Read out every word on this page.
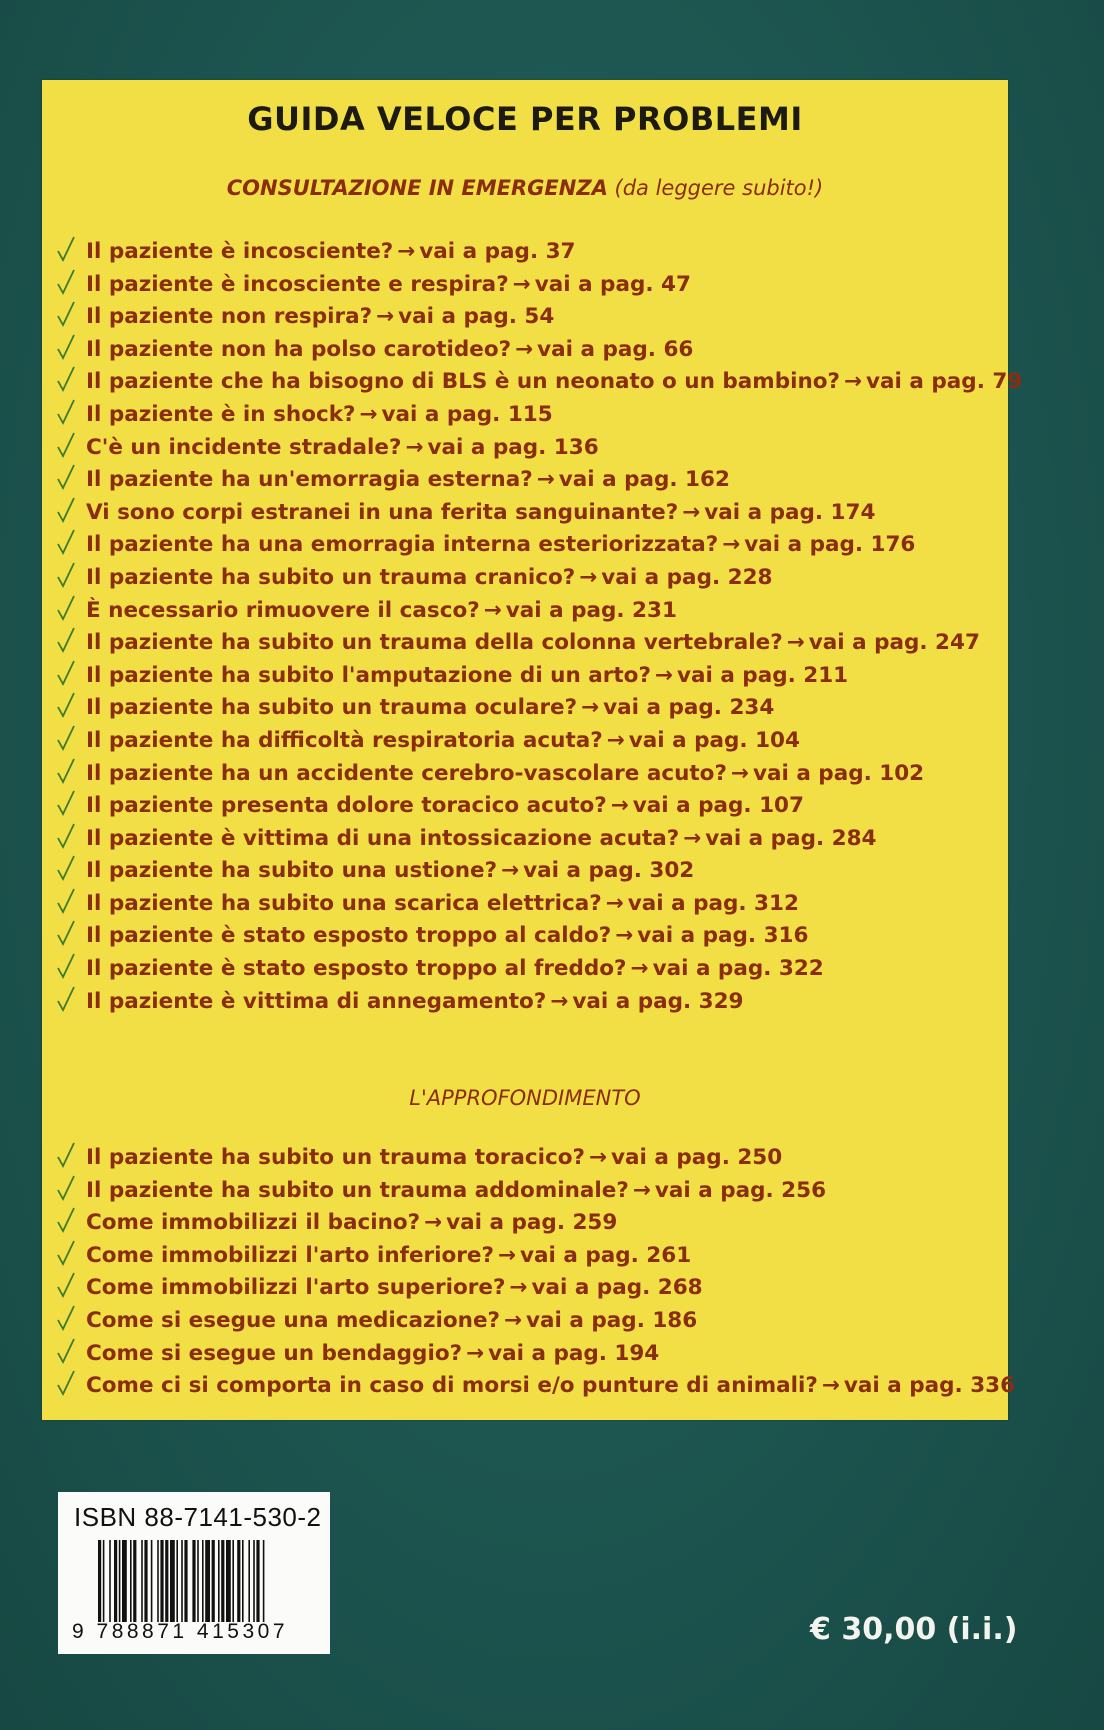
GUIDA VELOCE PER PROBLEMI
CONSULTAZIONE IN EMERGENZA (da leggere subito!)
Il paziente è incosciente? → vai a pag. 37
Il paziente è incosciente e respira? → vai a pag. 47
Il paziente non respira? → vai a pag. 54
Il paziente non ha polso carotideo? → vai a pag. 66
Il paziente che ha bisogno di BLS è un neonato o un bambino? → vai a pag. 79
Il paziente è in shock? → vai a pag. 115
C'è un incidente stradale? → vai a pag. 136
Il paziente ha un'emorragia esterna? → vai a pag. 162
Vi sono corpi estranei in una ferita sanguinante? → vai a pag. 174
Il paziente ha una emorragia interna esteriorizzata? → vai a pag. 176
Il paziente ha subito un trauma cranico? → vai a pag. 228
È necessario rimuovere il casco? → vai a pag. 231
Il paziente ha subito un trauma della colonna vertebrale? → vai a pag. 247
Il paziente ha subito l'amputazione di un arto? → vai a pag. 211
Il paziente ha subito un trauma oculare? → vai a pag. 234
Il paziente ha difficoltà respiratoria acuta? → vai a pag. 104
Il paziente ha un accidente cerebro-vascolare acuto? → vai a pag. 102
Il paziente presenta dolore toracico acuto? → vai a pag. 107
Il paziente è vittima di una intossicazione acuta? → vai a pag. 284
Il paziente ha subito una ustione? → vai a pag. 302
Il paziente ha subito una scarica elettrica? → vai a pag. 312
Il paziente è stato esposto troppo al caldo? → vai a pag. 316
Il paziente è stato esposto troppo al freddo? → vai a pag. 322
Il paziente è vittima di annegamento? → vai a pag. 329
L'APPROFONDIMENTO
Il paziente ha subito un trauma toracico? → vai a pag. 250
Il paziente ha subito un trauma addominale? → vai a pag. 256
Come immobilizzi il bacino? → vai a pag. 259
Come immobilizzi l'arto inferiore? → vai a pag. 261
Come immobilizzi l'arto superiore? → vai a pag. 268
Come si esegue una medicazione? → vai a pag. 186
Come si esegue un bendaggio? → vai a pag. 194
Come ci si comporta in caso di morsi e/o punture di animali? → vai a pag. 336
ISBN 88-7141-530-2
9 788871 415307	€ 30,00 (i.i.)
